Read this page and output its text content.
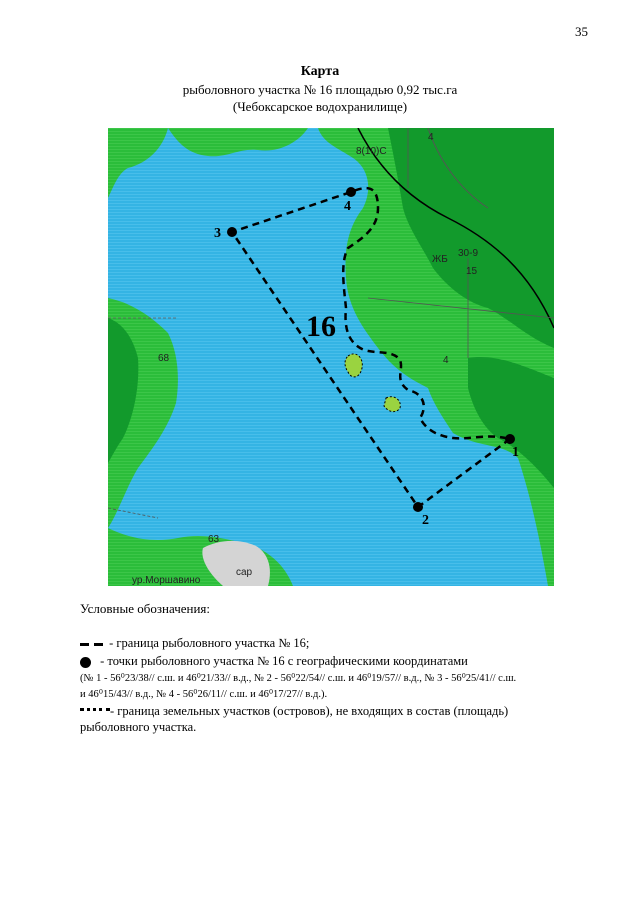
35
Карта
рыболовного участка № 16 площадью 0,92 тыс.га
(Чебоксарское водохранилище)
1
2
3
4
16
4
8(10)С
ЖБ
30-9
15
68	4
63
сар
ур.Моршавино
Условные обозначения:
- граница рыболовного участка № 16;
- точки рыболовного участка № 16 с географическими координатами
(№ 1 - 56⁰23/38// с.ш. и 46⁰21/33// в.д., № 2 - 56⁰22/54// с.ш. и 46⁰19/57// в.д., № 3 - 56⁰25/41// с.ш.
и 46⁰15/43// в.д., № 4 - 56⁰26/11// с.ш. и 46⁰17/27// в.д.).
- граница земельных участков (островов), не входящих в состав (площадь)
рыболовного участка.
